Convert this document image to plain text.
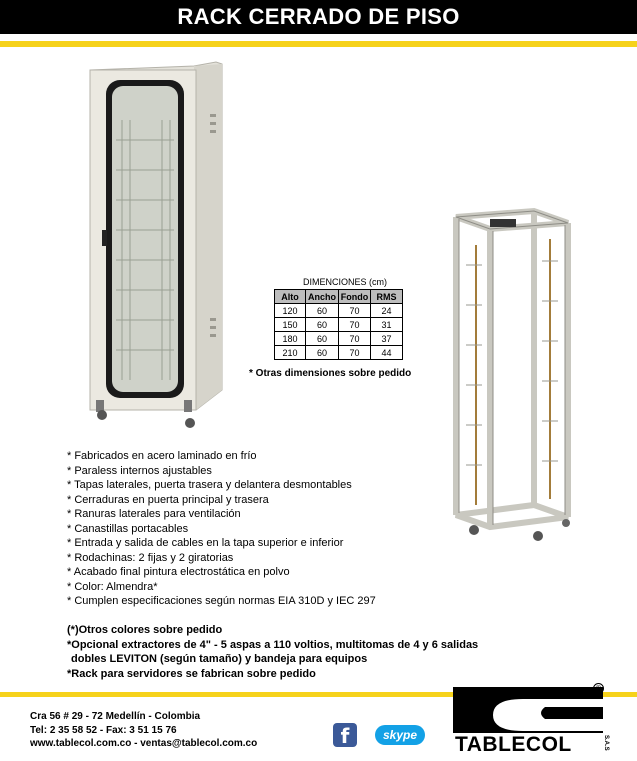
RACK CERRADO DE PISO
DIMENCIONES (cm)
Alto	Ancho	Fondo	RMS
120	60	70	24
150	60	70	31
180	60	70	37
210	60	70	44
* Otras dimensiones sobre pedido
* Fabricados en acero laminado en frío
* Paraless internos ajustables
* Tapas laterales, puerta trasera y delantera desmontables
* Cerraduras en puerta principal y trasera
* Ranuras laterales para ventilación
* Canastillas portacables
* Entrada y salida de cables en la tapa superior e inferior
* Rodachinas: 2 fijas y 2 giratorias
* Acabado final pintura electrostática en polvo
* Color: Almendra*
* Cumplen especificaciones según normas EIA 310D y IEC 297
(*)Otros colores sobre pedido
*Opcional extractores de 4" - 5 aspas a 110 voltios, multitomas de 4 y 6 salidas
dobles LEVITON (según tamaño) y bandeja para equipos
*Rack para servidores se fabrican sobre pedido
Cra 56 # 29 - 72 Medellín - Colombia
Tel: 2 35 58 52 - Fax: 3 51 15 76
www.tablecol.com.co - ventas@tablecol.com.co	f	skype
®
TABLECOL	S.A.S
